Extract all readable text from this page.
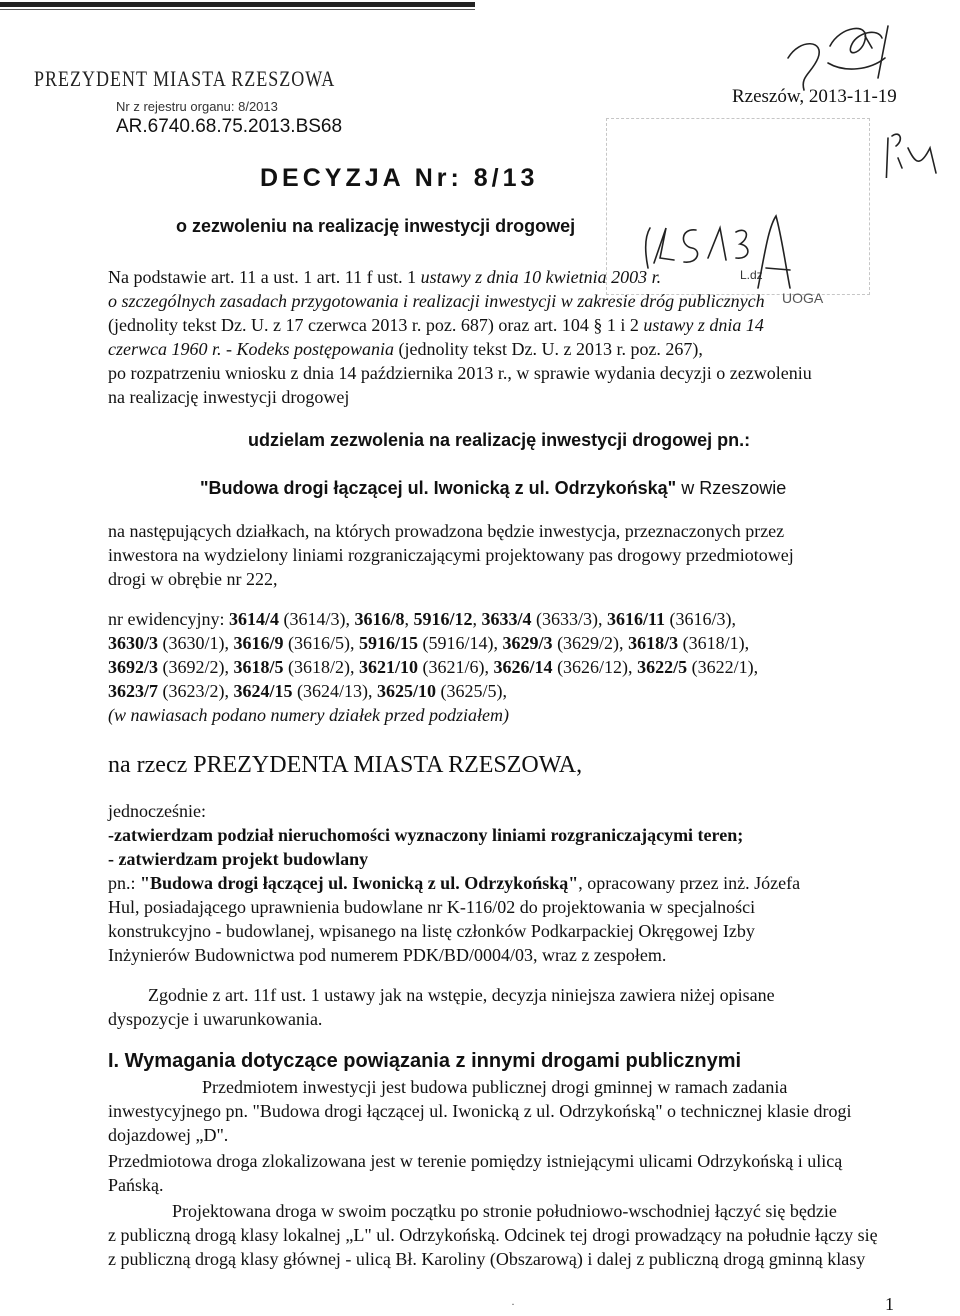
PREZYDENT MIASTA RZESZOWA
Nr z rejestru organu: 8/2013
AR.6740.68.75.2013.BS68
Rzeszów, 2013-11-19
L.dz
UOGA
DECYZJA Nr: 8/13
o zezwoleniu na realizację inwestycji drogowej
Na podstawie art. 11 a ust. 1 art. 11 f ust. 1 ustawy z dnia 10 kwietnia 2003 r.
o szczególnych zasadach przygotowania i realizacji inwestycji w zakresie dróg publicznych
(jednolity tekst Dz. U. z 17 czerwca 2013 r. poz. 687) oraz art. 104 § 1 i 2 ustawy z dnia 14
czerwca 1960 r. - Kodeks postępowania (jednolity tekst Dz. U. z 2013 r. poz. 267),
po rozpatrzeniu wniosku z dnia 14 października 2013 r., w sprawie wydania decyzji o zezwoleniu
na realizację inwestycji drogowej
udzielam zezwolenia na realizację inwestycji drogowej pn.:
"Budowa drogi łączącej ul. Iwonicką z ul. Odrzykońską" w Rzeszowie
na następujących działkach, na których prowadzona będzie inwestycja, przeznaczonych przez
inwestora na wydzielony liniami rozgraniczającymi projektowany pas drogowy przedmiotowej
drogi w obrębie nr 222,
nr ewidencyjny: 3614/4 (3614/3), 3616/8, 5916/12, 3633/4 (3633/3), 3616/11 (3616/3),
3630/3 (3630/1), 3616/9 (3616/5), 5916/15 (5916/14), 3629/3 (3629/2), 3618/3 (3618/1),
3692/3 (3692/2), 3618/5 (3618/2), 3621/10 (3621/6), 3626/14 (3626/12), 3622/5 (3622/1),
3623/7 (3623/2), 3624/15 (3624/13), 3625/10 (3625/5),
(w nawiasach podano numery działek przed podziałem)
na rzecz PREZYDENTA MIASTA RZESZOWA,
jednocześnie:
-zatwierdzam podział nieruchomości wyznaczony liniami rozgraniczającymi teren;
- zatwierdzam projekt budowlany
pn.: "Budowa drogi łączącej ul. Iwonicką z ul. Odrzykońską", opracowany przez inż. Józefa
Hul, posiadającego uprawnienia budowlane nr K-116/02 do projektowania w specjalności
konstrukcyjno - budowlanej, wpisanego na listę członków Podkarpackiej Okręgowej Izby
Inżynierów Budownictwa pod numerem PDK/BD/0004/03, wraz z zespołem.
Zgodnie z art. 11f ust. 1 ustawy jak na wstępie, decyzja niniejsza zawiera niżej opisane
dyspozycje i uwarunkowania.
I. Wymagania dotyczące powiązania z innymi drogami publicznymi
Przedmiotem inwestycji jest budowa publicznej drogi gminnej w ramach zadania
inwestycyjnego pn. "Budowa drogi łączącej ul. Iwonicką z ul. Odrzykońską" o technicznej klasie drogi
dojazdowej „D".
Przedmiotowa droga zlokalizowana jest w terenie pomiędzy istniejącymi ulicami Odrzykońską i ulicą
Pańską.
Projektowana droga w swoim początku po stronie południowo-wschodniej łączyć się będzie
z publiczną drogą klasy lokalnej „L" ul. Odrzykońską. Odcinek tej drogi prowadzący na południe łączy się
z publiczną drogą klasy głównej - ulicą Bł. Karoliny (Obszarową) i dalej z publiczną drogą gminną klasy
·	1
